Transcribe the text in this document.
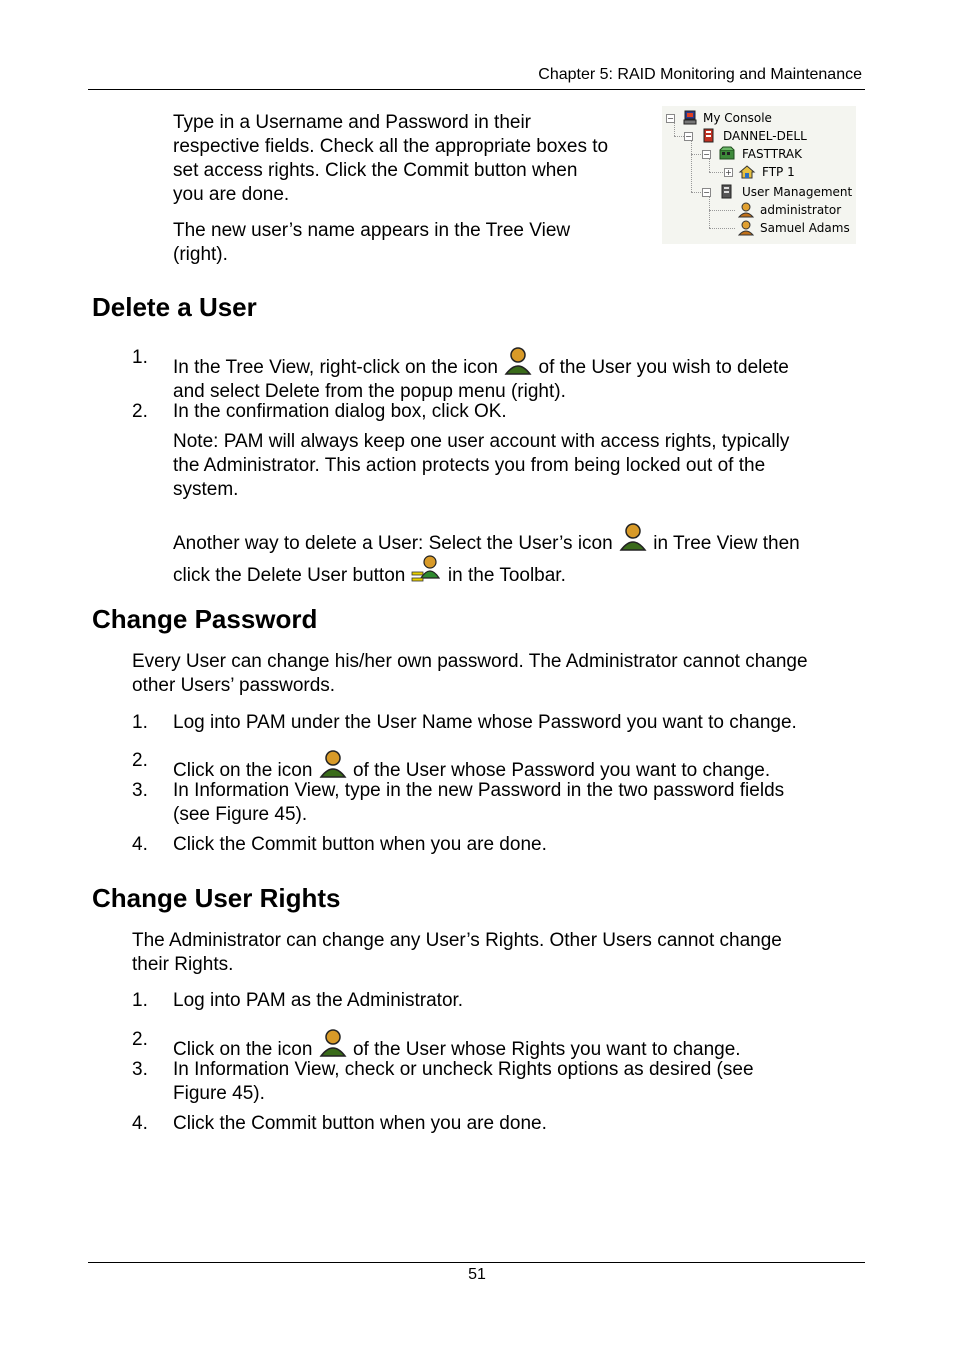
Chapter 5: RAID Monitoring and Maintenance
Type in a Username and Password in their
respective fields. Check all the appropriate boxes to
set access rights. Click the Commit button when
you are done.
The new user’s name appears in the Tree View
(right).
− My Console
−	DANNEL-DELL
−	FASTTRAK
+	FTP 1
−	User Management
administrator
Samuel Adams
Delete a User
1. In the Tree View, right-click on the icon of the User you wish to delete
and select Delete from the popup menu (right).
2. In the confirmation dialog box, click OK.
Note: PAM will always keep one user account with access rights, typically
the Administrator. This action protects you from being locked out of the
system.
Another way to delete a User: Select the User’s icon in Tree View then
click the Delete User button in the Toolbar.
Change Password
Every User can change his/her own password. The Administrator cannot change
other Users’ passwords.
1. Log into PAM under the User Name whose Password you want to change.
2. Click on the icon of the User whose Password you want to change.
3. In Information View, type in the new Password in the two password fields
(see Figure 45).
4. Click the Commit button when you are done.
Change User Rights
The Administrator can change any User’s Rights. Other Users cannot change
their Rights.
1. Log into PAM as the Administrator.
2. Click on the icon of the User whose Rights you want to change.
3. In Information View, check or uncheck Rights options as desired (see
Figure 45).
4. Click the Commit button when you are done.
51
